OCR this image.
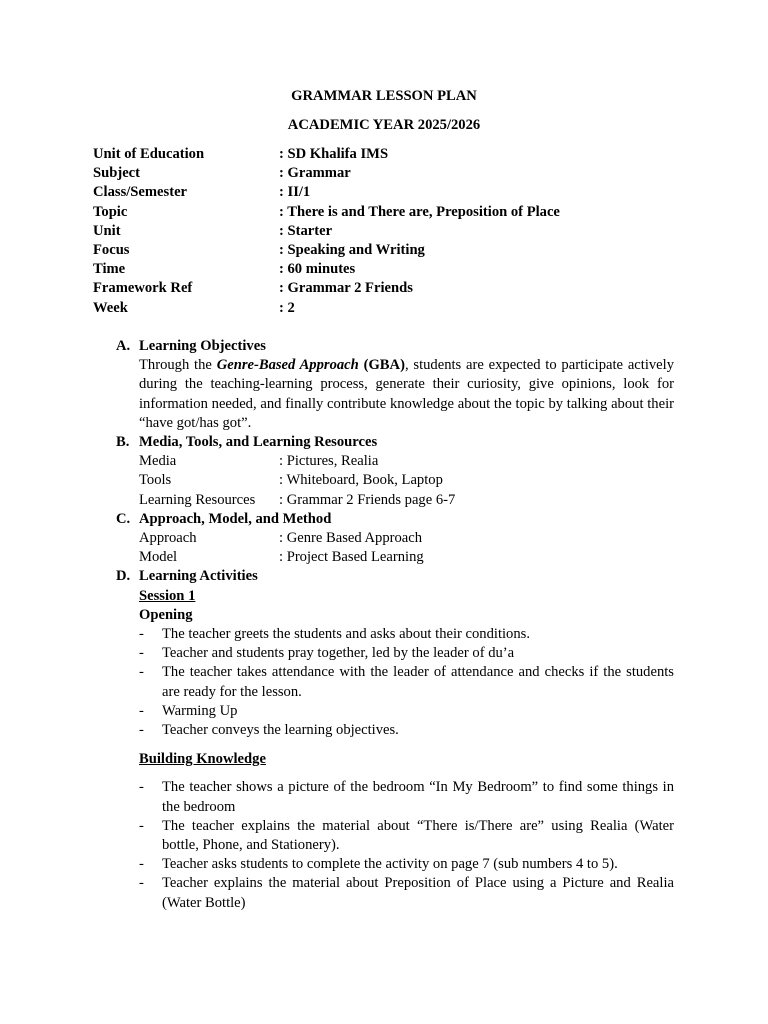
GRAMMAR LESSON PLAN
ACADEMIC YEAR 2025/2026
Unit of Education	: SD Khalifa IMS
Subject	: Grammar
Class/Semester	: II/1
Topic	: There is and There are, Preposition of Place
Unit	: Starter
Focus	: Speaking and Writing
Time	: 60 minutes
Framework Ref	: Grammar 2 Friends
Week	: 2
A. Learning Objectives
Through the Genre-Based Approach (GBA), students are expected to participate actively during the teaching-learning process, generate their curiosity, give opinions, look for information needed, and finally contribute knowledge about the topic by talking about their “have got/has got”.
B. Media, Tools, and Learning Resources
Media	: Pictures, Realia
Tools	: Whiteboard, Book, Laptop
Learning Resources	: Grammar 2 Friends page 6-7
C. Approach, Model, and Method
Approach	: Genre Based Approach
Model	: Project Based Learning
D. Learning Activities
Session 1
Opening
-	The teacher greets the students and asks about their conditions.
-	Teacher and students pray together, led by the leader of du’a
-	The teacher takes attendance with the leader of attendance and checks if the students are ready for the lesson.
-	Warming Up
-	Teacher conveys the learning objectives.
Building Knowledge
-	The teacher shows a picture of the bedroom “In My Bedroom” to find some things in the bedroom
-	The teacher explains the material about “There is/There are” using Realia (Water bottle, Phone, and Stationery).
-	Teacher asks students to complete the activity on page 7 (sub numbers 4 to 5).
-	Teacher explains the material about Preposition of Place using a Picture and Realia (Water Bottle)
